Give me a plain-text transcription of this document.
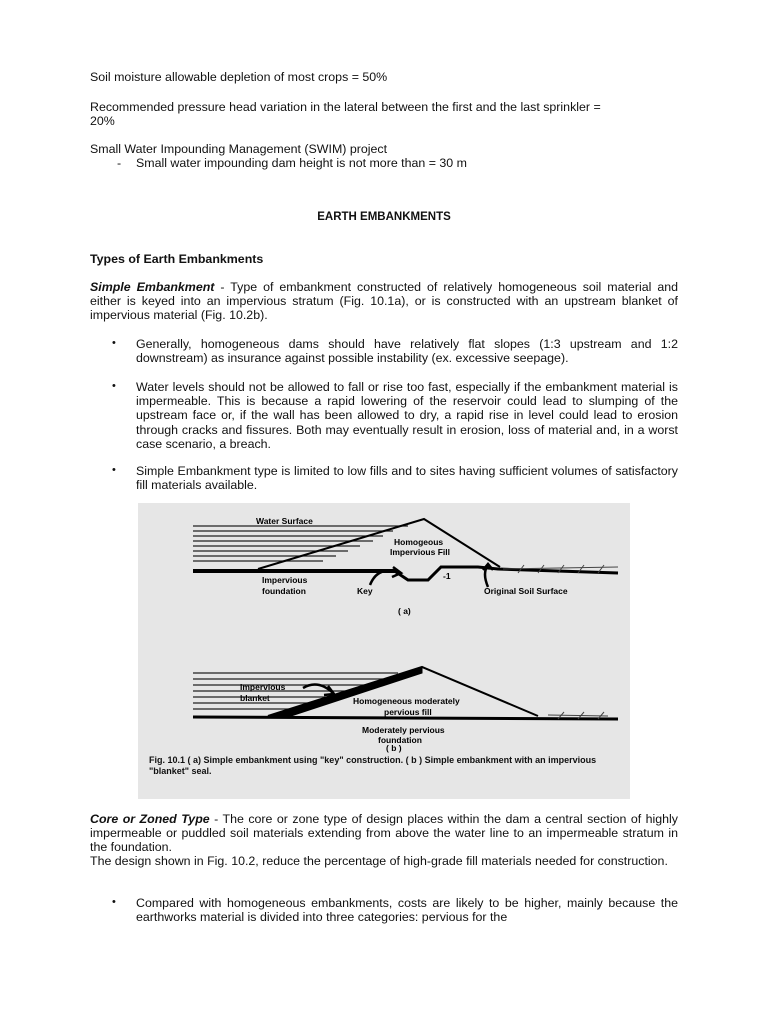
Soil moisture allowable depletion of most crops = 50%
Recommended pressure head variation in the lateral between the first and the last sprinkler =
20%
Small Water Impounding Management (SWIM) project
- Small water impounding dam height is not more than = 30 m
EARTH EMBANKMENTS
Types of Earth Embankments
Simple Embankment - Type of embankment constructed of relatively homogeneous soil material and either is keyed into an impervious stratum (Fig. 10.1a), or is constructed with an upstream blanket of impervious material (Fig. 10.2b).
• Generally, homogeneous dams should have relatively flat slopes (1:3 upstream and 1:2 downstream) as insurance against possible instability (ex. excessive seepage).
• Water levels should not be allowed to fall or rise too fast, especially if the embankment material is impermeable. This is because a rapid lowering of the reservoir could lead to slumping of the upstream face or, if the wall has been allowed to dry, a rapid rise in level could lead to erosion through cracks and fissures. Both may eventually result in erosion, loss of material and, in a worst case scenario, a breach.
• Simple Embankment type is limited to low fills and to sites having sufficient volumes of satisfactory fill materials available.
Water Surface
Homogeous
Impervious Fill
Impervious
foundation	Key
-1
Original Soil Surface
( a)
Impervious
blanket	Homogeneous moderately
pervious fill
Moderately pervious
foundation
( b )
Fig. 10.1 ( a) Simple embankment using "key" construction. ( b ) Simple embankment with an impervious "blanket" seal.
Core or Zoned Type - The core or zone type of design places within the dam a central section of highly impermeable or puddled soil materials extending from above the water line to an impermeable stratum in the foundation.
The design shown in Fig. 10.2, reduce the percentage of high-grade fill materials needed for construction.
• Compared with homogeneous embankments, costs are likely to be higher, mainly because the earthworks material is divided into three categories: pervious for the
